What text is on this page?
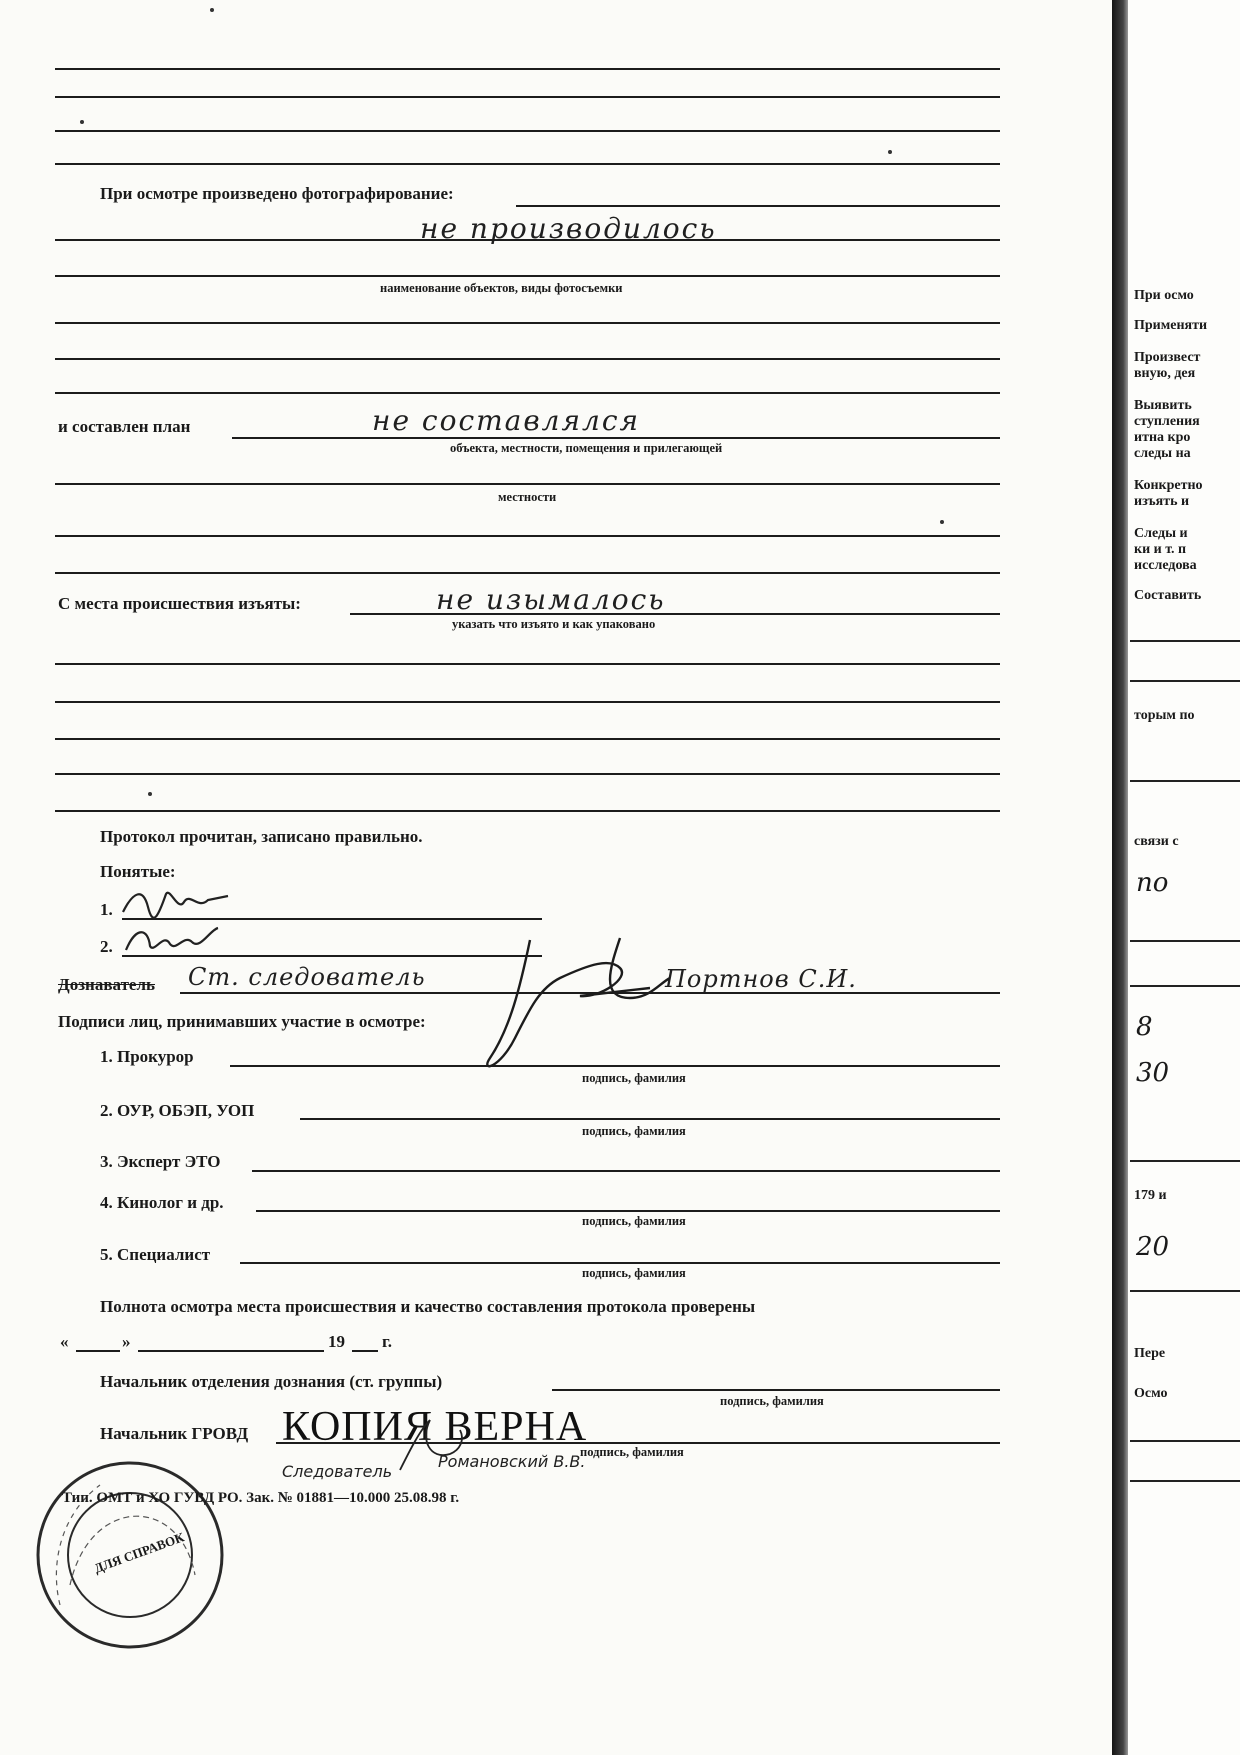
При осмотре произведено фотографирование:
не производилось
наименование объектов, виды фотосъемки
и составлен план	не составлялся
объекта, местности, помещения и прилегающей
местности
С места происшествия изъяты:	не изымалось
указать что изъято и как упаковано
Протокол прочитан, записано правильно.
Понятые:
1.
2.
Дознаватель Ст. следователь	Портнов С.И.
Подписи лиц, принимавших участие в осмотре:
1. Прокурор
подпись, фамилия
2. ОУР, ОБЭП, УОП
подпись, фамилия
3. Эксперт ЭТО
4. Кинолог и др.
подпись, фамилия
5. Специалист
подпись, фамилия
Полнота осмотра места происшествия и качество составления протокола проверены
«	»	19 г.
Начальник отделения дознания (ст. группы)
подпись, фамилия
Начальник ГРОВД
подпись, фамилия
КОПИЯ ВЕРНА
Следователь
Романовский В.В.
ДЛЯ СПРАВОК
Тип. ОМТ и ХО ГУВД РО. Зак. № 01881—10.000 25.08.98 г.
При осмо
Применяти
Произвест
вную, дея
Выявить
ступления
итна кро
следы на
Конкретно
изъять и
Следы и
ки и т. п
исследова
Составить
торым по
связи с
по
8
30
179 и
20
Пере
Осмо
